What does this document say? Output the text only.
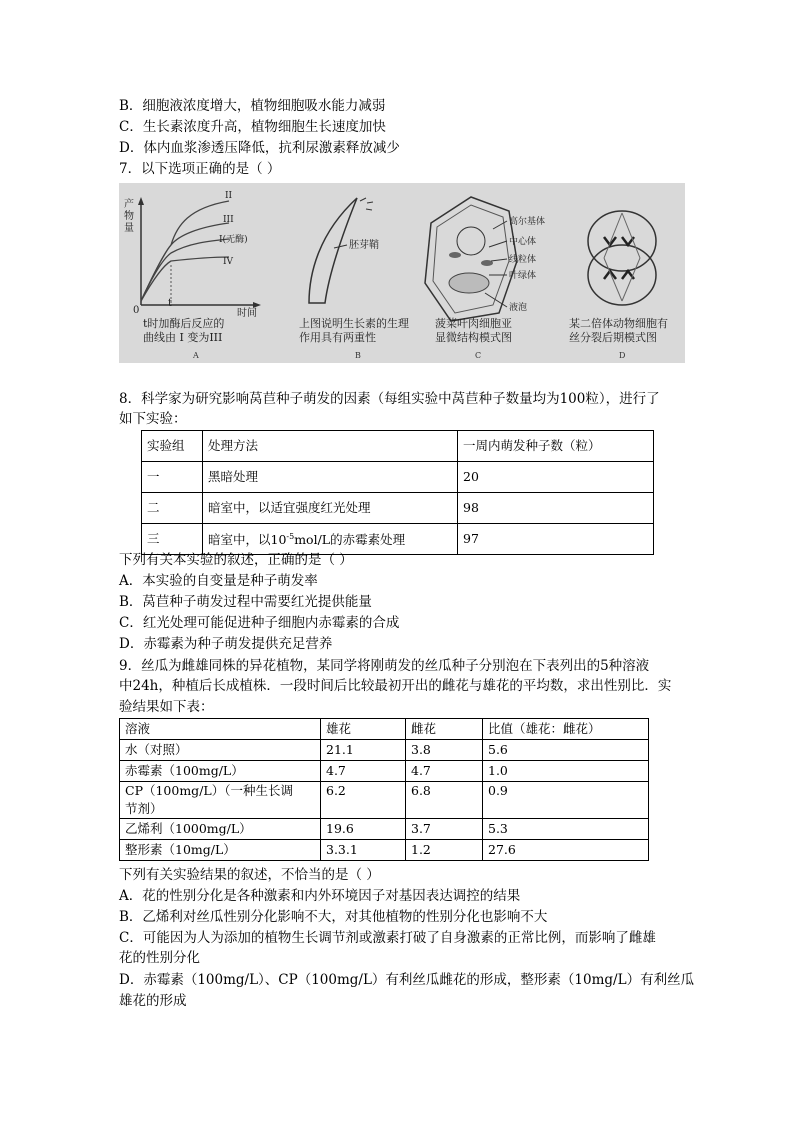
B．细胞液浓度增大，植物细胞吸水能力减弱
C．生长素浓度升高，植物细胞生长速度加快
D．体内血浆渗透压降低，抗利尿激素释放减少
7．以下选项正确的是（ ）
产物量
时间
0
t
II
III
I(无酶)
IV
t时加酶后反应的
曲线由 I 变为III
A
胚芽鞘
上图说明生长素的生理
作用具有两重性
B
高尔基体
中心体
线粒体
叶绿体
液泡
菠菜叶肉细胞亚
显微结构模式图
C
某二倍体动物细胞有
丝分裂后期模式图
D
8．科学家为研究影响莴苣种子萌发的因素（每组实验中莴苣种子数量均为100粒），进行了
如下实验：
实验组	处理方法	一周内萌发种子数（粒）
一	黑暗处理	20
二	暗室中，以适宜强度红光处理	98
三	暗室中，以$10^{-5}mol/L$的赤霉素处理	97
下列有关本实验的叙述，正确的是（ ）
A．本实验的自变量是种子萌发率
B．莴苣种子萌发过程中需要红光提供能量
C．红光处理可能促进种子细胞内赤霉素的合成
D．赤霉素为种子萌发提供充足营养
9．丝瓜为雌雄同株的异花植物，某同学将刚萌发的丝瓜种子分别泡在下表列出的5种溶液
中24h，种植后长成植株．一段时间后比较最初开出的雌花与雄花的平均数，求出性别比．实
验结果如下表：
溶液	雄花	雌花	比值（雄花：雌花）
水（对照）	21.1	3.8	5.6
赤霉素（100mg/L）	4.7	4.7	1.0

CP（100mg/L）（一种生长调
节剂）	6.2	6.8	0.9
乙烯利（1000mg/L）	19.6	3.7	5.3
整形素（10mg/L）	3.3.1	1.2	27.6
下列有关实验结果的叙述，不恰当的是（ ）
A．花的性别分化是各种激素和内外环境因子对基因表达调控的结果
B．乙烯利对丝瓜性别分化影响不大，对其他植物的性别分化也影响不大
C．可能因为人为添加的植物生长调节剂或激素打破了自身激素的正常比例，而影响了雌雄
花的性别分化
D．赤霉素（100mg/L）、CP（100mg/L）有利丝瓜雌花的形成，整形素（10mg/L）有利丝瓜
雄花的形成
